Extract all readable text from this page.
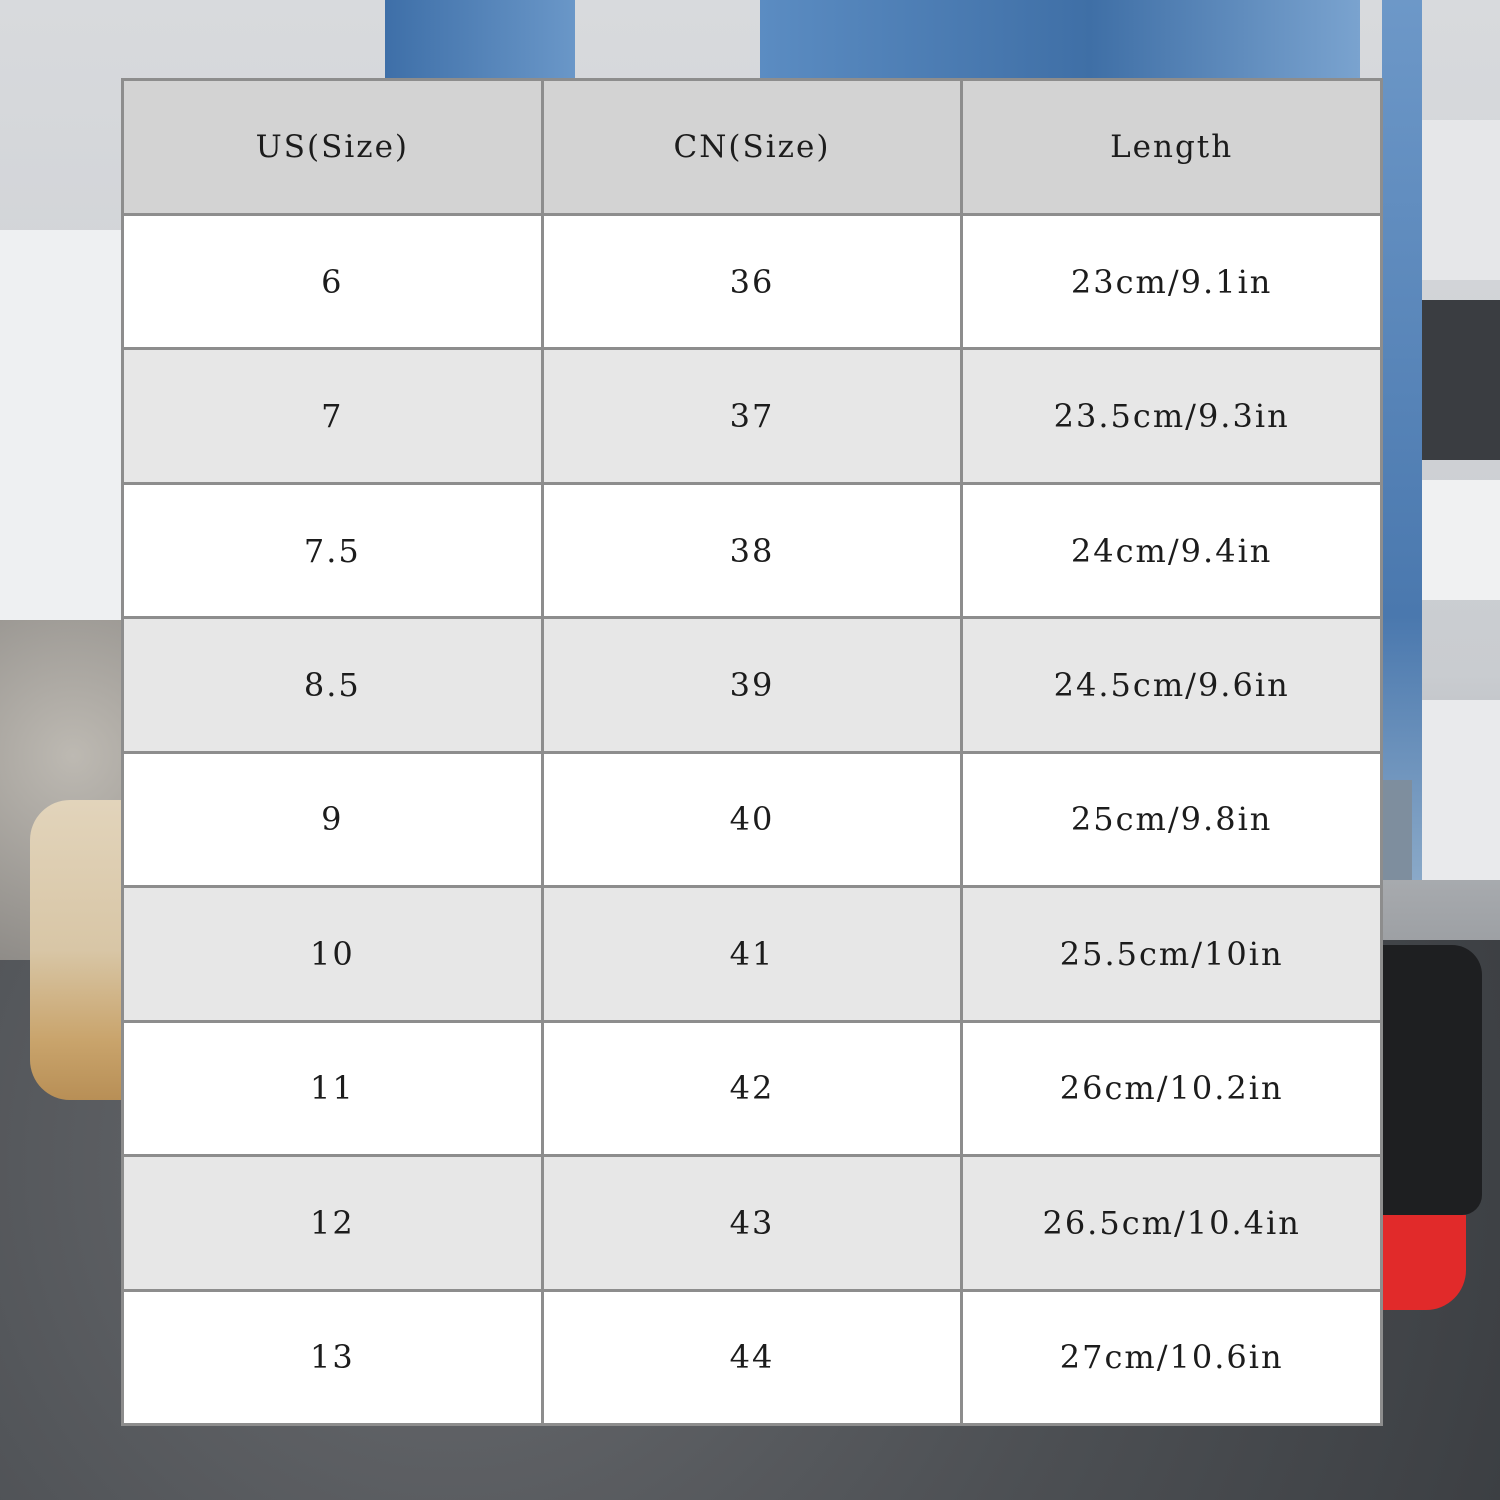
US(Size)	CN(Size)	Length
6	36	23cm/9.1in
7	37	23.5cm/9.3in
7.5	38	24cm/9.4in
8.5	39	24.5cm/9.6in
9	40	25cm/9.8in
10	41	25.5cm/10in
11	42	26cm/10.2in
12	43	26.5cm/10.4in
13	44	27cm/10.6in
